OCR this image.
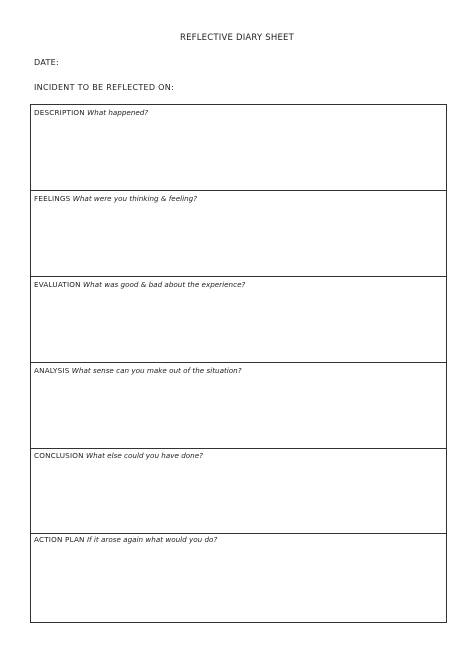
REFLECTIVE DIARY SHEET
DATE:
INCIDENT TO BE REFLECTED ON:
DESCRIPTION What happened?
FEELINGS What were you thinking & feeling?
EVALUATION What was good & bad about the experience?
ANALYSIS What sense can you make out of the situation?
CONCLUSION What else could you have done?
ACTION PLAN If it arose again what would you do?
